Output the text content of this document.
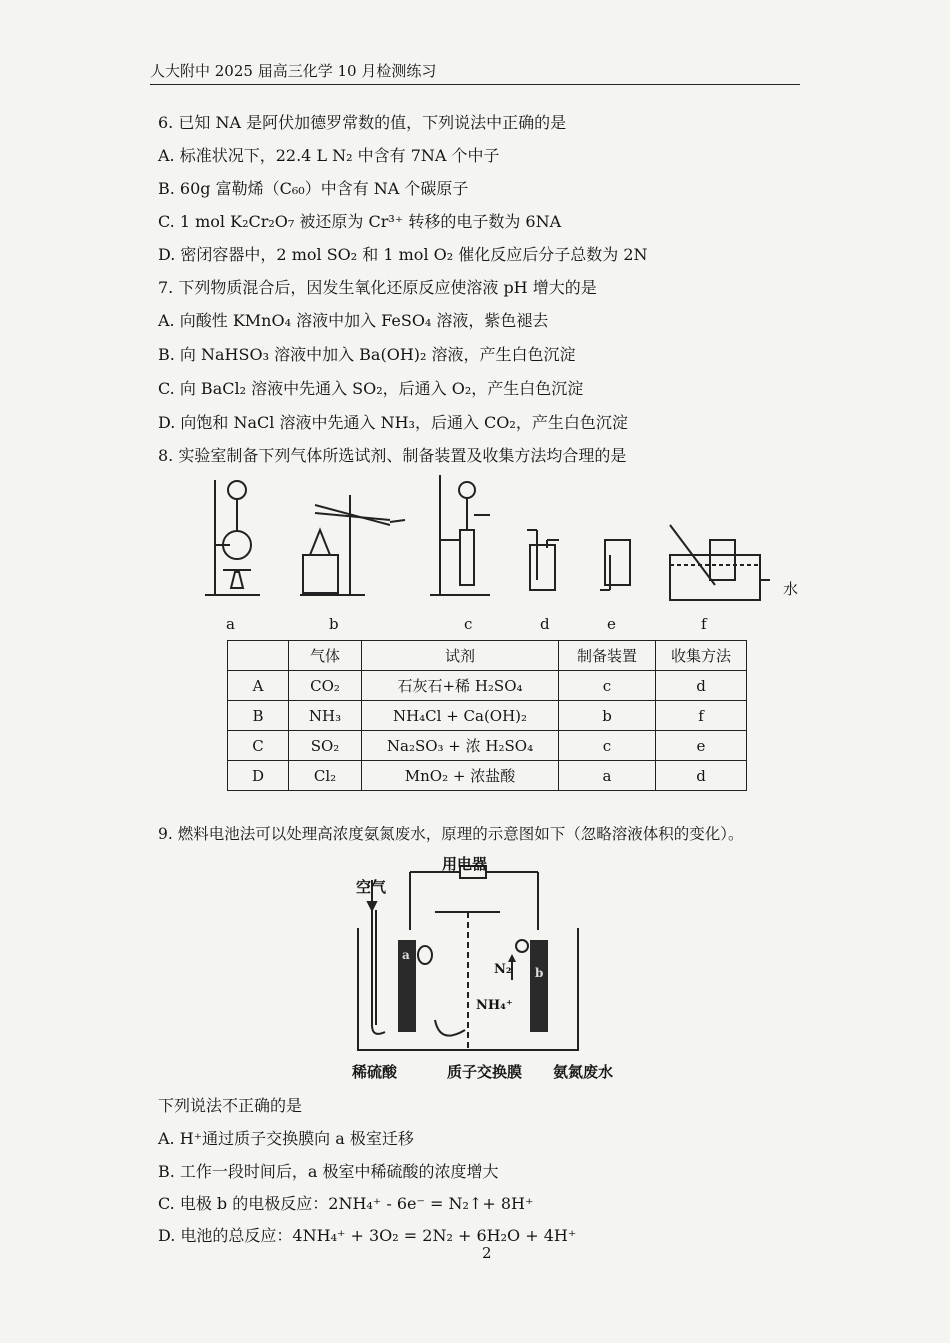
人大附中 2025 届高三化学 10 月检测练习
6. 已知 NA 是阿伏加德罗常数的值，下列说法中正确的是
A. 标准状况下，22.4 L N₂ 中含有 7NA 个中子
B. 60g 富勒烯（C₆₀）中含有 NA 个碳原子
C. 1 mol K₂Cr₂O₇ 被还原为 Cr³⁺ 转移的电子数为 6NA
D. 密闭容器中，2 mol SO₂ 和 1 mol O₂ 催化反应后分子总数为 2N
7. 下列物质混合后，因发生氧化还原反应使溶液 pH 增大的是
A. 向酸性 KMnO₄ 溶液中加入 FeSO₄ 溶液，紫色褪去
B. 向 NaHSO₃ 溶液中加入 Ba(OH)₂ 溶液，产生白色沉淀
C. 向 BaCl₂ 溶液中先通入 SO₂，后通入 O₂，产生白色沉淀
D. 向饱和 NaCl 溶液中先通入 NH₃，后通入 CO₂，产生白色沉淀
8. 实验室制备下列气体所选试剂、制备装置及收集方法均合理的是
水
a	b	c	d	e	f
	气体	试剂	制备装置	收集方法
A	CO₂	石灰石+稀 H₂SO₄	c	d
B	NH₃	NH₄Cl + Ca(OH)₂	b	f
C	SO₂	Na₂SO₃ + 浓 H₂SO₄	c	e
D	Cl₂	MnO₂ + 浓盐酸	a	d
9. 燃料电池法可以处理高浓度氨氮废水，原理的示意图如下（忽略溶液体积的变化）。
用电器
空气
N₂
NH₄⁺
a
b
稀硫酸	质子交换膜 氨氮废水
下列说法不正确的是
A. H⁺通过质子交换膜向 a 极室迁移
B. 工作一段时间后，a 极室中稀硫酸的浓度增大
C. 电极 b 的电极反应：2NH₄⁺ - 6e⁻ = N₂↑+ 8H⁺
D. 电池的总反应：4NH₄⁺ + 3O₂ = 2N₂ + 6H₂O + 4H⁺
2
